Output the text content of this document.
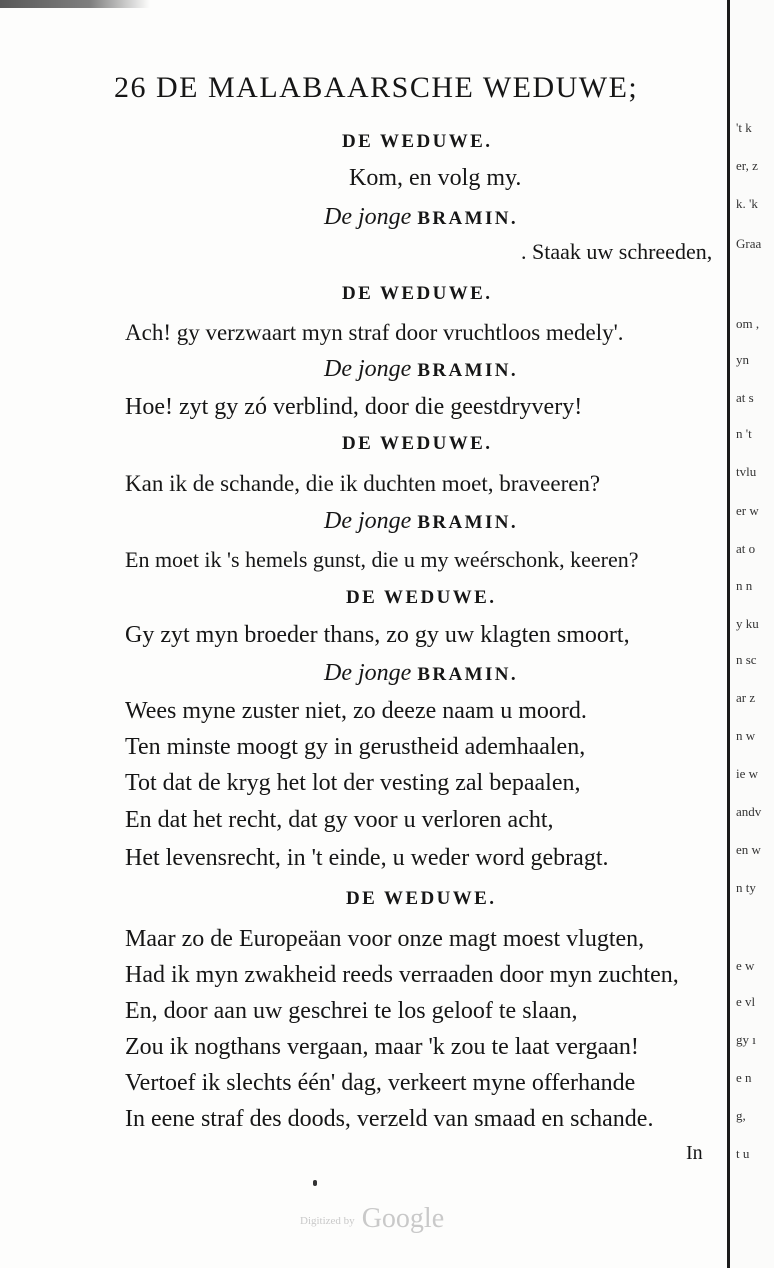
26 DE MALABAARSCHE WEDUWE;
DE WEDUWE.
Kom, en volg my.
De jonge BRAMIN.
. Staak uw schreeden,
DE WEDUWE.
Ach! gy verzwaart myn straf door vruchtloos medely'.
De jonge BRAMIN.
Hoe! zyt gy zó verblind, door die geestdryvery!
DE WEDUWE.
Kan ik de schande, die ik duchten moet, braveeren?
De jonge BRAMIN.
En moet ik 's hemels gunst, die u my weérschonk, keeren?
DE WEDUWE.
Gy zyt myn broeder thans, zo gy uw klagten smoort,
De jonge BRAMIN.
Wees myne zuster niet, zo deeze naam u moord.
Ten minste moogt gy in gerustheid ademhaalen,
Tot dat de kryg het lot der vesting zal bepaalen,
En dat het recht, dat gy voor u verloren acht,
Het levensrecht, in 't einde, u weder word gebragt.
DE WEDUWE.
Maar zo de Europeäan voor onze magt moest vlugten,
Had ik myn zwakheid reeds verraaden door myn zuchten,
En, door aan uw geschrei te los geloof te slaan,
Zou ik nogthans vergaan, maar 'k zou te laat vergaan!
Vertoef ik slechts één' dag, verkeert myne offerhande
In eene straf des doods, verzeld van smaad en schande.
In
Digitized by Google
't k
er, z
k. 'k
Graa
om ,
yn
at s
n 't
tvlu
er w
at o
n n
y ku
n sc
ar z
n w
ie w
andv
en w
n ty
e w
e vl
gy ı
e n
g,
t u
